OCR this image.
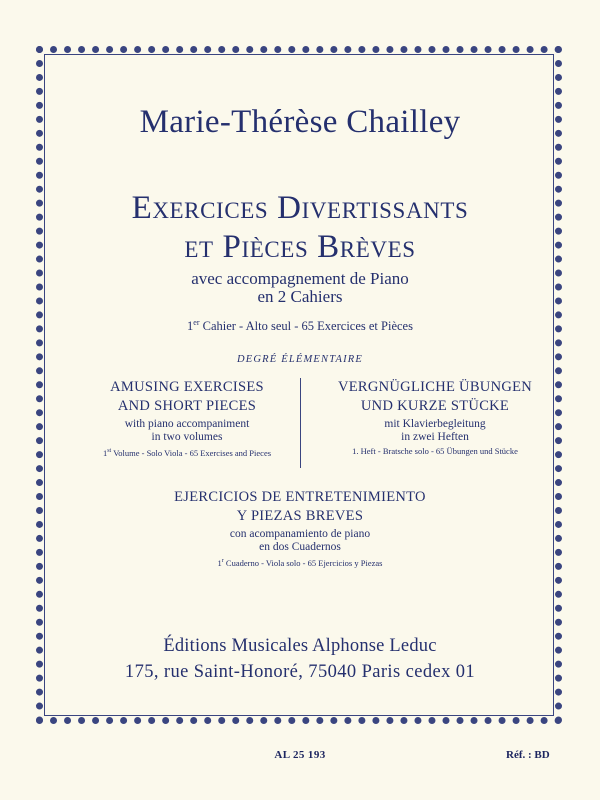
Marie-Thérèse Chailley
Exercices Divertissants
et Pièces Brèves
avec accompagnement de Piano
en 2 Cahiers
1er Cahier - Alto seul - 65 Exercices et Pièces
DEGRÉ ÉLÉMENTAIRE
AMUSING EXERCISES
AND SHORT PIECES
with piano accompaniment
in two volumes
1st Volume - Solo Viola - 65 Exercises and Pieces
VERGNÜGLICHE ÜBUNGEN
UND KURZE STÜCKE
mit Klavierbegleitung
in zwei Heften
1. Heft - Bratsche solo - 65 Übungen und Stücke
EJERCICIOS DE ENTRETENIMIENTO
Y PIEZAS BREVES
con acompanamiento de piano
en dos Cuadernos
1$^r$ Cuaderno - Viola solo - 65 Ejercicios y Piezas
Éditions Musicales Alphonse Leduc
175, rue Saint-Honoré, 75040 Paris cedex 01
AL 25 193	Réf. : BD
